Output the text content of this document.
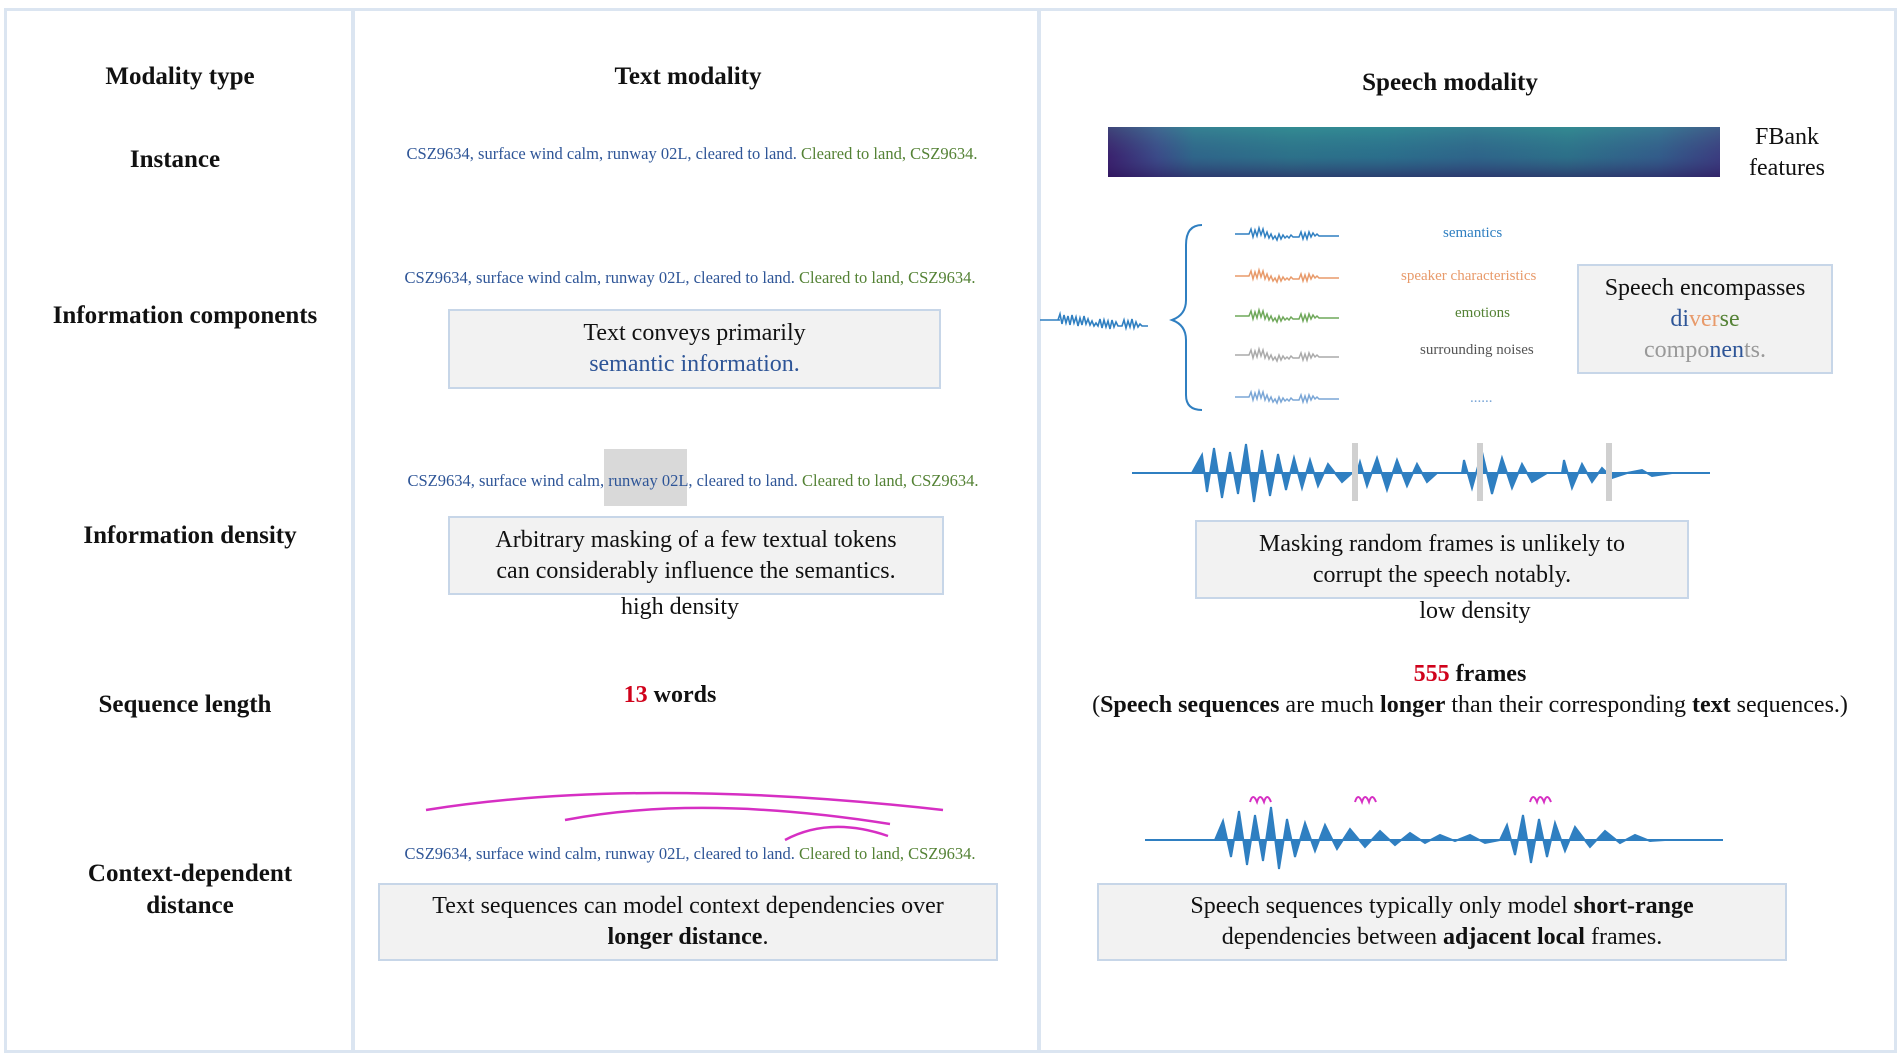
Modality type	Text modality	Speech modality
Instance
Information components
Information density
Sequence length
Context-dependent
distance
CSZ9634, surface wind calm, runway 02L, cleared to land. Cleared to land, CSZ9634.
CSZ9634, surface wind calm, runway 02L, cleared to land. Cleared to land, CSZ9634.
Text conveys primarily
semantic information.
CSZ9634, surface wind calm, runway 02L, cleared to land. Cleared to land, CSZ9634.
Arbitrary masking of a few textual tokens
can considerably influence the semantics.
high density
13 words
CSZ9634, surface wind calm, runway 02L, cleared to land. Cleared to land, CSZ9634.
Text sequences can model context dependencies over
longer distance.
FBank
features
semantics
speaker characteristics
emotions
surrounding noises
......
Speech encompasses
diverse
components.
Masking random frames is unlikely to
corrupt the speech notably.
low density
555 frames
(Speech sequences are much longer than their corresponding text sequences.)
Speech sequences typically only model short-range
dependencies between adjacent local frames.
